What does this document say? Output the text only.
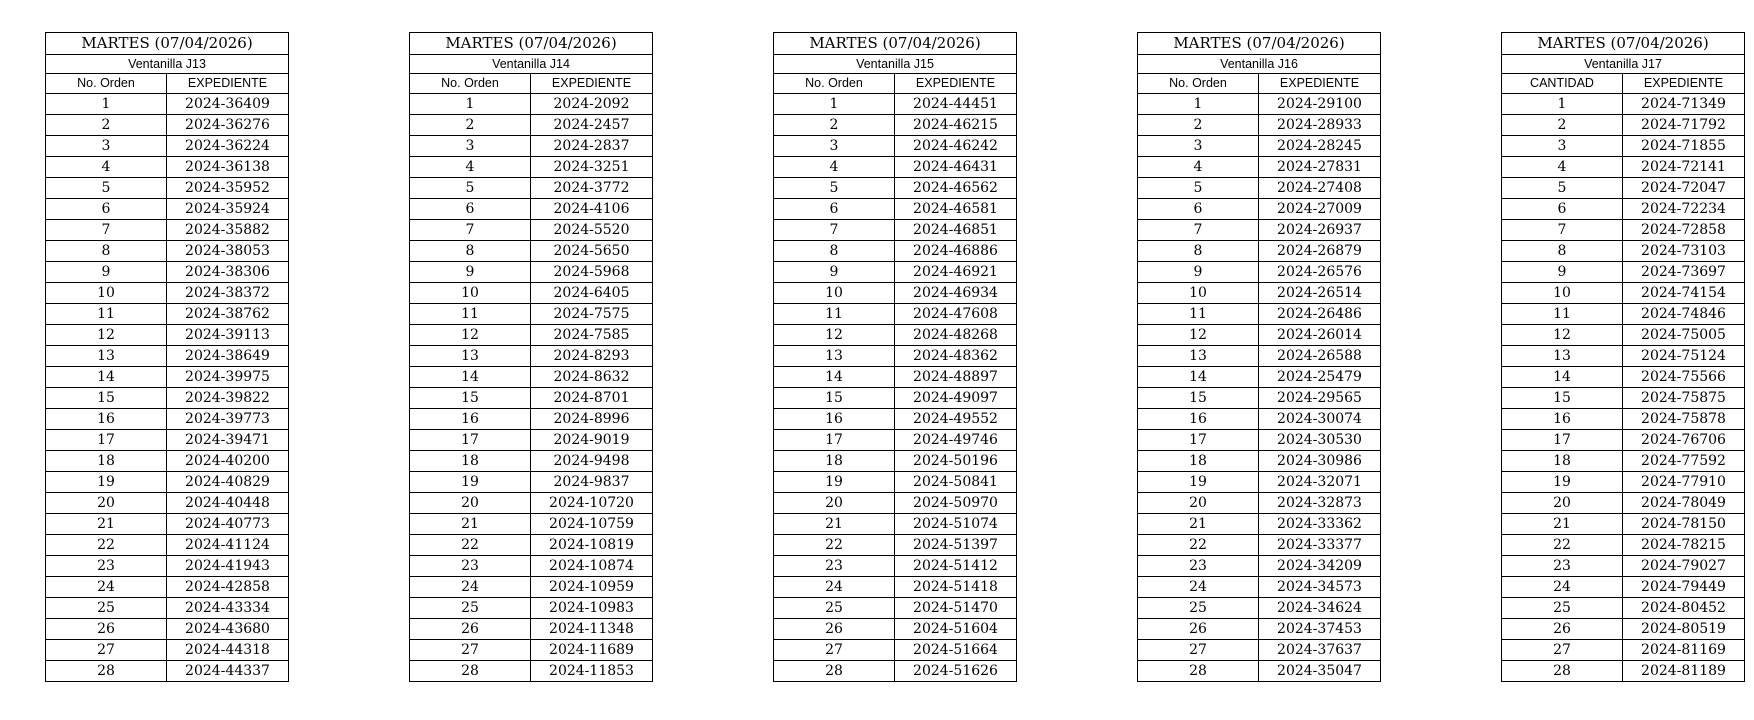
MARTES (07/04/2026)	
Ventanilla J13	
No. Orden	EXPEDIENTE
1	2024-36409
2	2024-36276
3	2024-36224
4	2024-36138
5	2024-35952
6	2024-35924
7	2024-35882
8	2024-38053
9	2024-38306
10	2024-38372
11	2024-38762
12	2024-39113
13	2024-38649
14	2024-39975
15	2024-39822
16	2024-39773
17	2024-39471
18	2024-40200
19	2024-40829
20	2024-40448
21	2024-40773
22	2024-41124
23	2024-41943
24	2024-42858
25	2024-43334
26	2024-43680
27	2024-44318
28	2024-44337
MARTES (07/04/2026)	
Ventanilla J14	
No. Orden	EXPEDIENTE
1	2024-2092
2	2024-2457
3	2024-2837
4	2024-3251
5	2024-3772
6	2024-4106
7	2024-5520
8	2024-5650
9	2024-5968
10	2024-6405
11	2024-7575
12	2024-7585
13	2024-8293
14	2024-8632
15	2024-8701
16	2024-8996
17	2024-9019
18	2024-9498
19	2024-9837
20	2024-10720
21	2024-10759
22	2024-10819
23	2024-10874
24	2024-10959
25	2024-10983
26	2024-11348
27	2024-11689
28	2024-11853
MARTES (07/04/2026)	
Ventanilla J15	
No. Orden	EXPEDIENTE
1	2024-44451
2	2024-46215
3	2024-46242
4	2024-46431
5	2024-46562
6	2024-46581
7	2024-46851
8	2024-46886
9	2024-46921
10	2024-46934
11	2024-47608
12	2024-48268
13	2024-48362
14	2024-48897
15	2024-49097
16	2024-49552
17	2024-49746
18	2024-50196
19	2024-50841
20	2024-50970
21	2024-51074
22	2024-51397
23	2024-51412
24	2024-51418
25	2024-51470
26	2024-51604
27	2024-51664
28	2024-51626
MARTES (07/04/2026)	
Ventanilla J16	
No. Orden	EXPEDIENTE
1	2024-29100
2	2024-28933
3	2024-28245
4	2024-27831
5	2024-27408
6	2024-27009
7	2024-26937
8	2024-26879
9	2024-26576
10	2024-26514
11	2024-26486
12	2024-26014
13	2024-26588
14	2024-25479
15	2024-29565
16	2024-30074
17	2024-30530
18	2024-30986
19	2024-32071
20	2024-32873
21	2024-33362
22	2024-33377
23	2024-34209
24	2024-34573
25	2024-34624
26	2024-37453
27	2024-37637
28	2024-35047
MARTES (07/04/2026)	
Ventanilla J17	
CANTIDAD	EXPEDIENTE
1	2024-71349
2	2024-71792
3	2024-71855
4	2024-72141
5	2024-72047
6	2024-72234
7	2024-72858
8	2024-73103
9	2024-73697
10	2024-74154
11	2024-74846
12	2024-75005
13	2024-75124
14	2024-75566
15	2024-75875
16	2024-75878
17	2024-76706
18	2024-77592
19	2024-77910
20	2024-78049
21	2024-78150
22	2024-78215
23	2024-79027
24	2024-79449
25	2024-80452
26	2024-80519
27	2024-81169
28	2024-81189
